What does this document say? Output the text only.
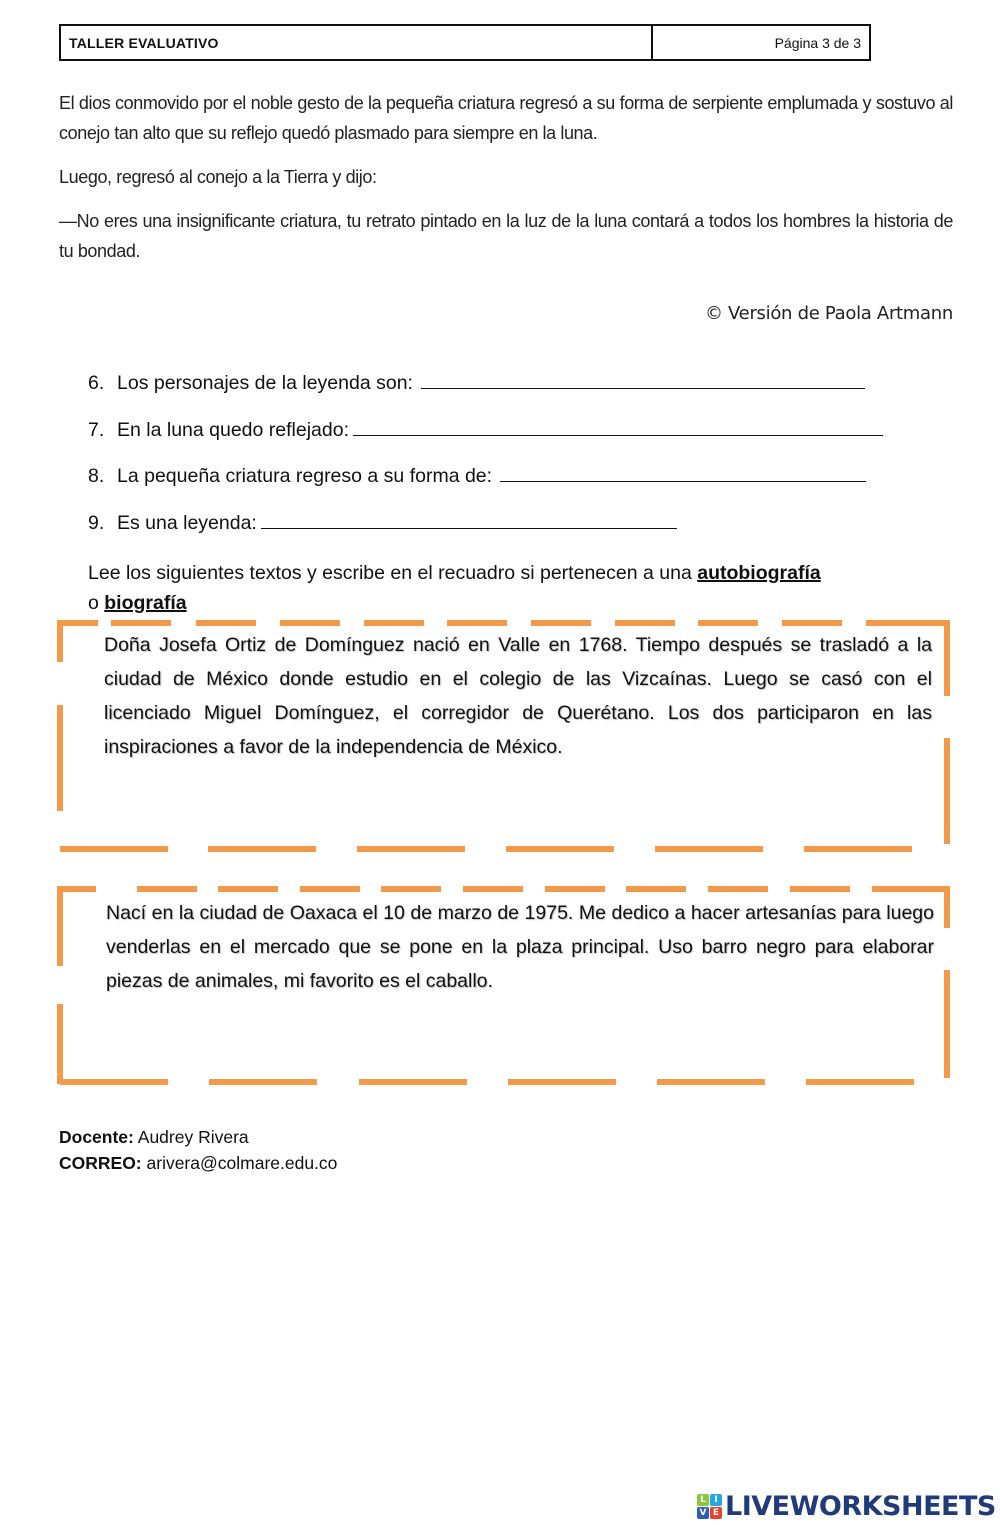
TALLER EVALUATIVO	Página 3 de 3

El dios conmovido por el noble gesto de la pequeña criatura regresó a su forma de serpiente emplumada y sostuvo al conejo tan alto que su reflejo quedó plasmado para siempre en la luna.

Luego, regresó al conejo a la Tierra y dijo:

—No eres una insignificante criatura, tu retrato pintado en la luz de la luna contará a todos los hombres la historia de tu bondad.

© Versión de Paola Artmann
6. Los personajes de la leyenda son:
7. En la luna quedo reflejado:
8. La pequeña criatura regreso a su forma de:
9. Es una leyenda:
Lee los siguientes textos y escribe en el recuadro si pertenecen a una autobiografía
o biografía
Doña Josefa Ortiz de Domínguez nació en Valle en 1768. Tiempo después se trasladó a la ciudad de México donde estudio en el colegio de las Vizcaínas. Luego se casó con el licenciado Miguel Domínguez, el corregidor de Querétano. Los dos participaron en las inspiraciones a favor de la independencia de México.
Nací en la ciudad de Oaxaca el 10 de marzo de 1975. Me dedico a hacer artesanías para luego venderlas en el mercado que se pone en la plaza principal. Uso barro negro para elaborar piezas de animales, mi favorito es el caballo.
Docente: Audrey Rivera
CORREO: arivera@colmare.edu.co
L I
V E LIVEWORKSHEETS
